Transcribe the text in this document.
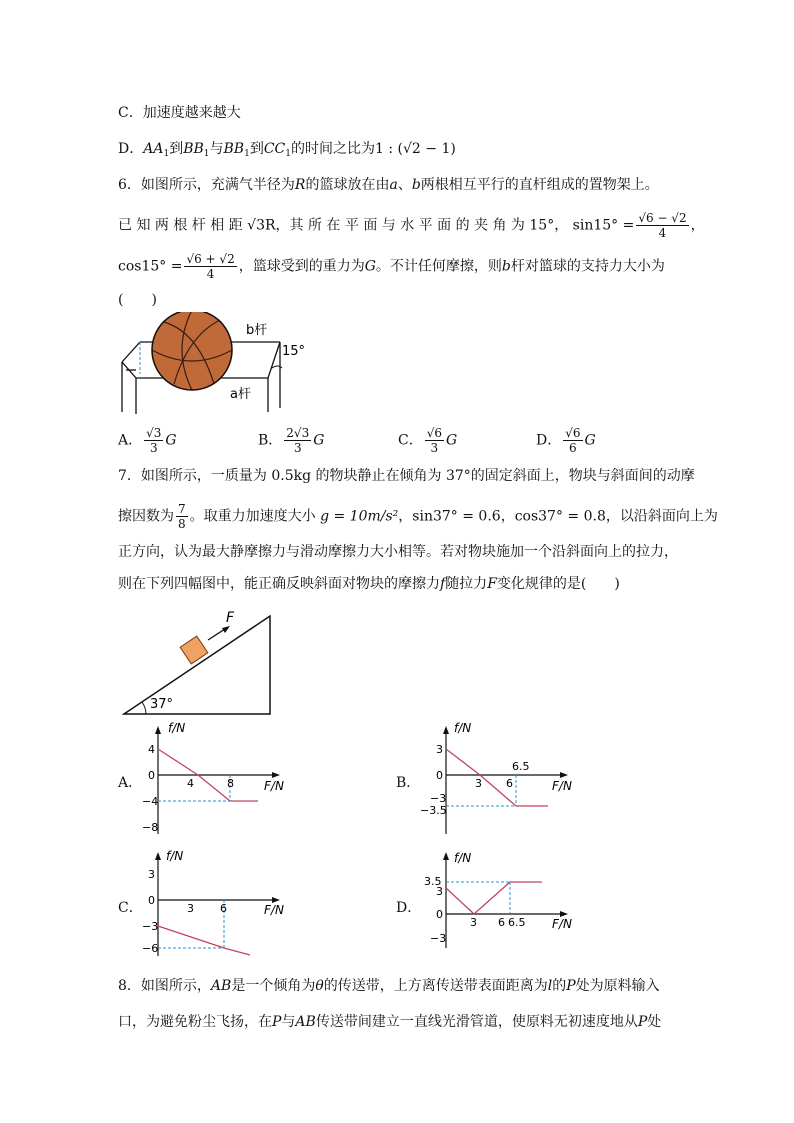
C．加速度越来越大
D．$AA_1$到$BB_1$与$BB_1$到$CC_1$的时间之比为1 : (√2 − 1)
6．如图所示，充满气半径为R的篮球放在由a、b两根相互平行的直杆组成的置物架上。
已 知 两 根 杆 相 距 √3R，其 所 在 平 面 与 水 平 面 的 夹 角 为 15°， $\sin 15^\circ = \frac{√6 - √2}{4}$ ，
$\cos 15^\circ = \frac{√6 + √2}{4}$ ，篮球受到的重力为G。不计任何摩擦，则b杆对篮球的支持力大小为
(　　)
b杆
15°
a杆
A． $\frac{√3}{3}$ G	B． $\frac{2√3}{3}$ G	C． $\frac{√6}{3}$ G	D． $\frac{√6}{6}$ G
7．如图所示，一质量为 0.5kg 的物块静止在倾角为 37°的固定斜面上，物块与斜面间的动摩
擦因数为 $\frac{7}{8}$ 。取重力加速度大小 g = 10m/s²，sin37° = 0.6，cos37° = 0.8，以沿斜面向上为
正方向，认为最大静摩擦力与滑动摩擦力大小相等。若对物块施加一个沿斜面向上的拉力，
则在下列四幅图中，能正确反映斜面对物块的摩擦力f随拉力F变化规律的是(　　)
F
37°
A．
f/N
F/N
0
4
−4
−8
4	8	B．
f/N
F/N
0
3
−3
−3.5
3 6
6.5
C．
f/N
F/N
0
3
−3
−6
3 6	D．
f/N
F/N
0
3.5
3
−3
3 6 6.5
8．如图所示，AB是一个倾角为θ的传送带，上方离传送带表面距离为l的P处为原料输入
口，为避免粉尘飞扬，在P与AB传送带间建立一直线光滑管道，使原料无初速度地从P处
